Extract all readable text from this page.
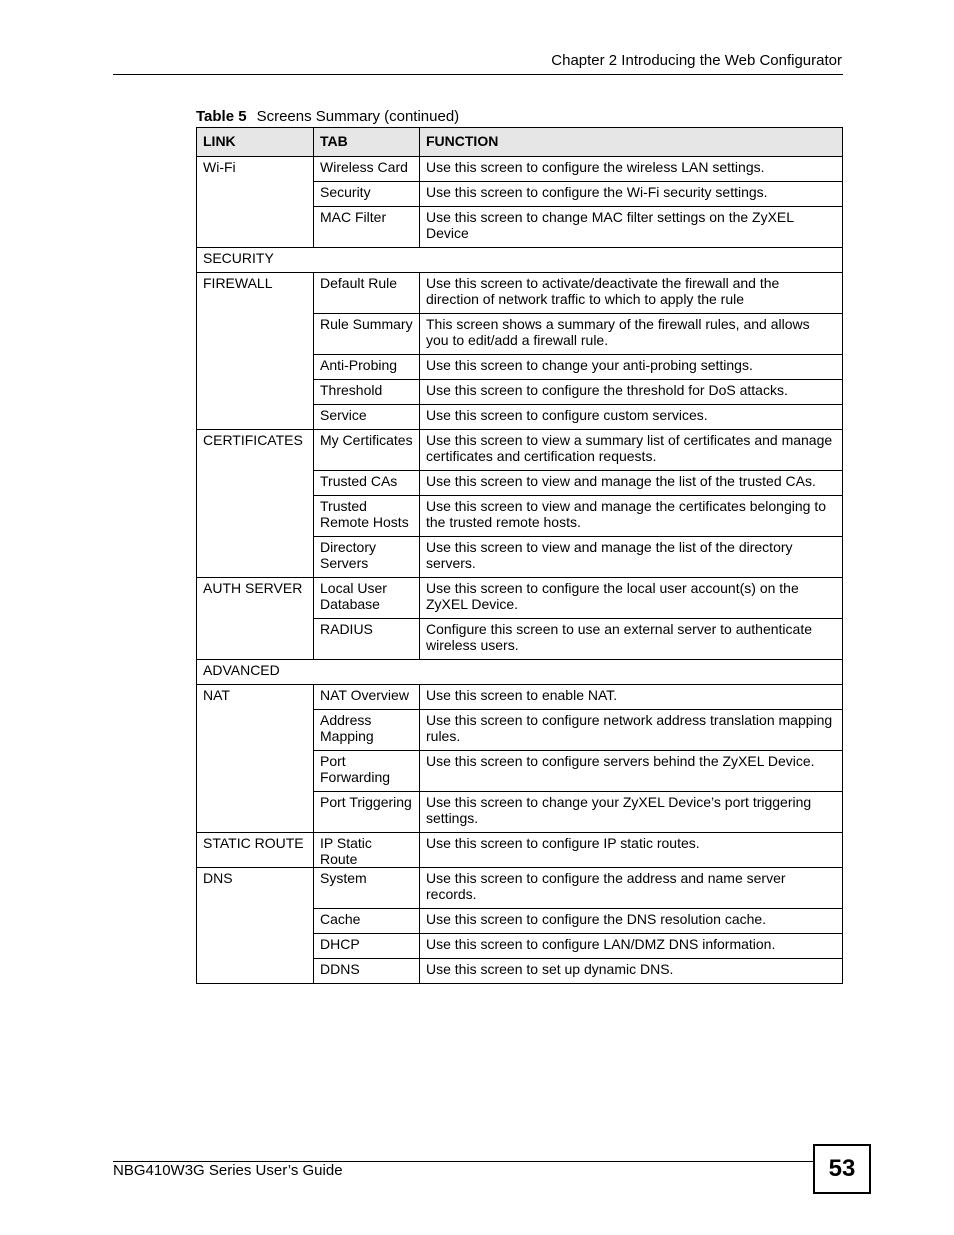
Chapter 2 Introducing the Web Configurator
Table 5 Screens Summary (continued)
LINK	TAB	FUNCTION
Wi-Fi	Wireless Card	Use this screen to configure the wireless LAN settings.
	Security	Use this screen to configure the Wi-Fi security settings.
	MAC Filter	Use this screen to change MAC filter settings on the ZyXEL Device
SECURITY		
FIREWALL	Default Rule	Use this screen to activate/deactivate the firewall and the direction of network traffic to which to apply the rule
	Rule Summary	This screen shows a summary of the firewall rules, and allows you to edit/add a firewall rule.
	Anti-Probing	Use this screen to change your anti-probing settings.
	Threshold	Use this screen to configure the threshold for DoS attacks.
	Service	Use this screen to configure custom services.
CERTIFICATES	My Certificates	Use this screen to view a summary list of certificates and manage certificates and certification requests.
	Trusted CAs	Use this screen to view and manage the list of the trusted CAs.
	Trusted Remote Hosts	Use this screen to view and manage the certificates belonging to the trusted remote hosts.
	Directory Servers	Use this screen to view and manage the list of the directory servers.
AUTH SERVER	Local User Database	Use this screen to configure the local user account(s) on the ZyXEL Device.
	RADIUS	Configure this screen to use an external server to authenticate wireless users.
ADVANCED		
NAT	NAT Overview	Use this screen to enable NAT.
	Address Mapping	Use this screen to configure network address translation mapping rules.
	Port Forwarding	Use this screen to configure servers behind the ZyXEL Device.
	Port Triggering	Use this screen to change your ZyXEL Device’s port triggering settings.
STATIC ROUTE	IP Static Route	Use this screen to configure IP static routes.
DNS	System	Use this screen to configure the address and name server records.
	Cache	Use this screen to configure the DNS resolution cache.
	DHCP	Use this screen to configure LAN/DMZ DNS information.
	DDNS	Use this screen to set up dynamic DNS.
NBG410W3G Series User’s Guide	53
